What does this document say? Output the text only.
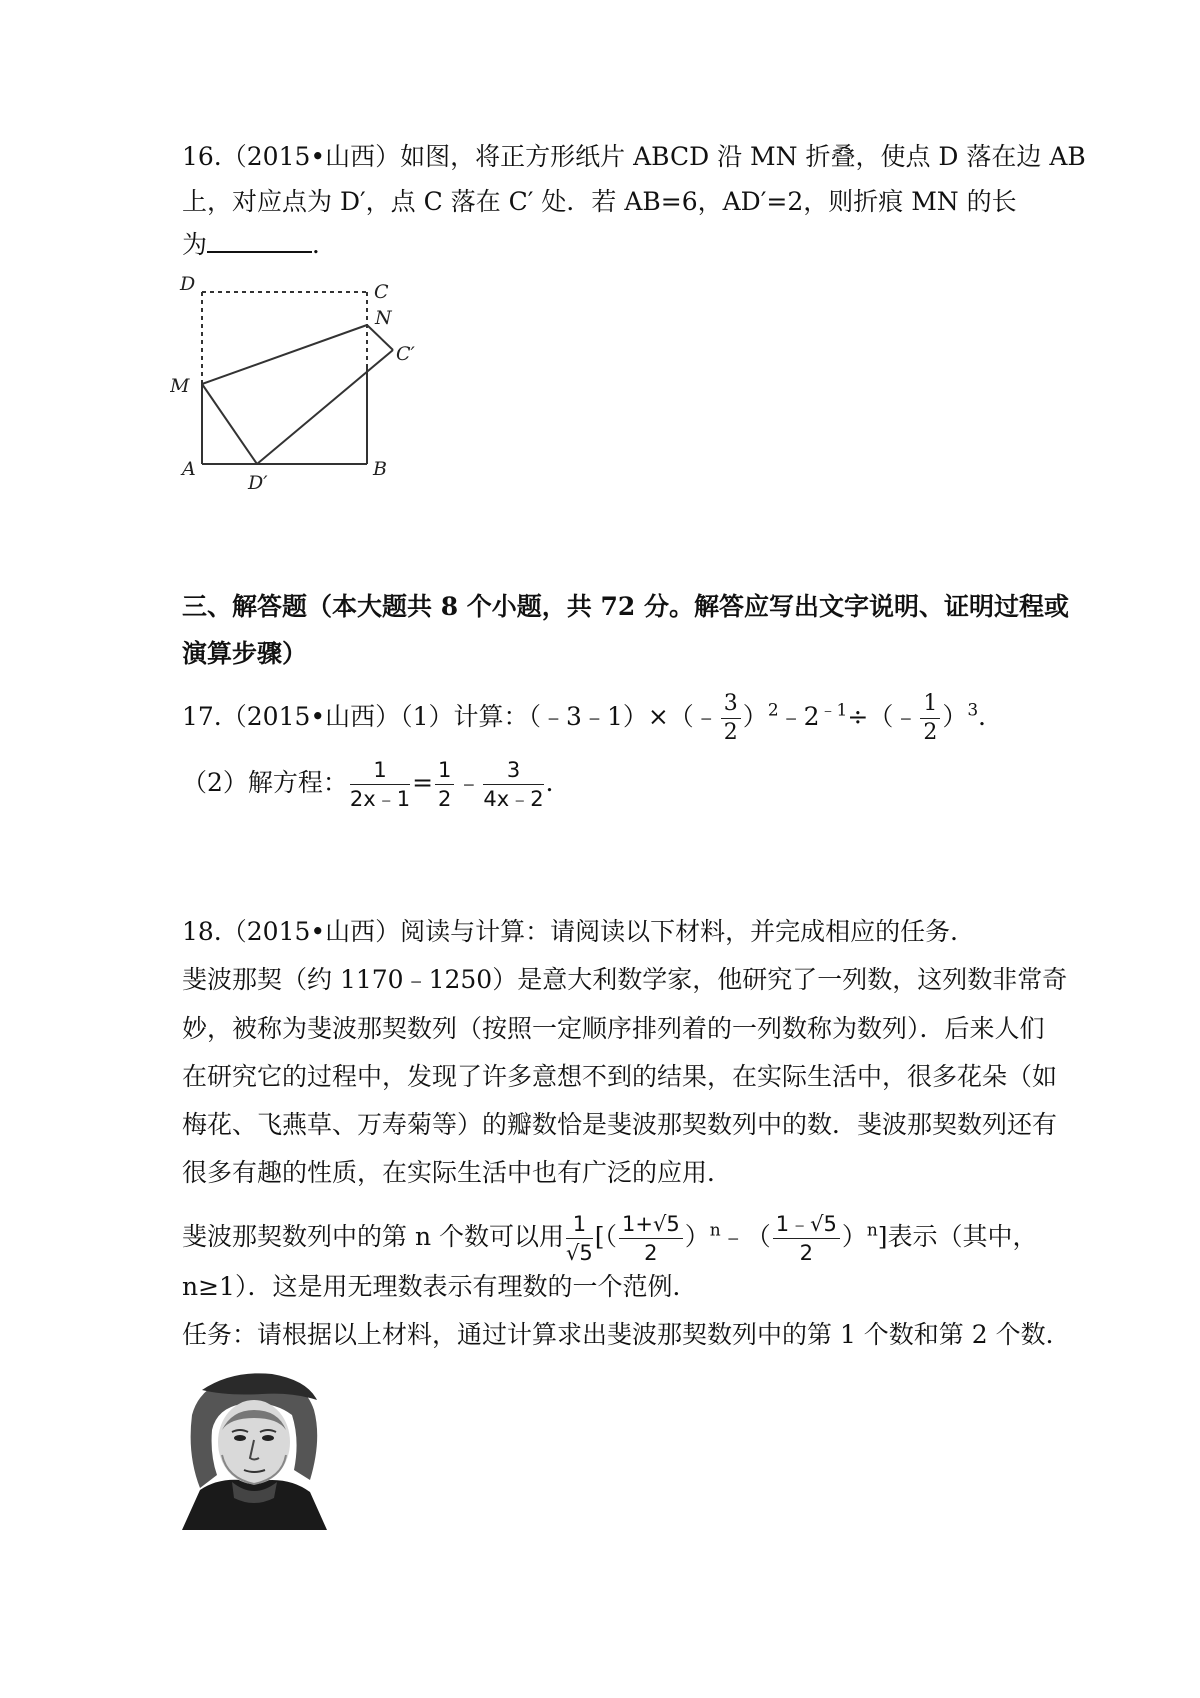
16.（2015•山西）如图，将正方形纸片 ABCD 沿 MN 折叠，使点 D 落在边 AB
上，对应点为 D′，点 C 落在 C′ 处．若 AB=6，AD′=2，则折痕 MN 的长
为	．
D	C
N
C′
M
A
D′
B
三、解答题（本大题共 8 个小题，共 72 分。解答应写出文字说明、证明过程或
演算步骤）
17.（2015•山西）（1）计算：（﹣3﹣1）×（﹣ $\frac{3}{2}$ ）$^2﹣2^{﹣1}\div(﹣ \frac{1}{2} )^3$．
（2）解方程： $\frac{1}{2x﹣1} = \frac{1}{2}$ ﹣ $\frac{3}{4x﹣2}$ ．
18.（2015•山西）阅读与计算：请阅读以下材料，并完成相应的任务．
斐波那契（约 1170﹣1250）是意大利数学家，他研究了一列数，这列数非常奇
妙，被称为斐波那契数列（按照一定顺序排列着的一列数称为数列）．后来人们
在研究它的过程中，发现了许多意想不到的结果，在实际生活中，很多花朵（如
梅花、飞燕草、万寿菊等）的瓣数恰是斐波那契数列中的数．斐波那契数列还有
很多有趣的性质，在实际生活中也有广泛的应用．
斐波那契数列中的第 n 个数可以用 $\frac{1}{√5}$ [（ $\frac{1+√5}{2}$ ）$^n$﹣（ $\frac{1﹣√5}{2} )^n$]表示（其中，
n≥1）．这是用无理数表示有理数的一个范例．
任务：请根据以上材料，通过计算求出斐波那契数列中的第 1 个数和第 2 个数．
